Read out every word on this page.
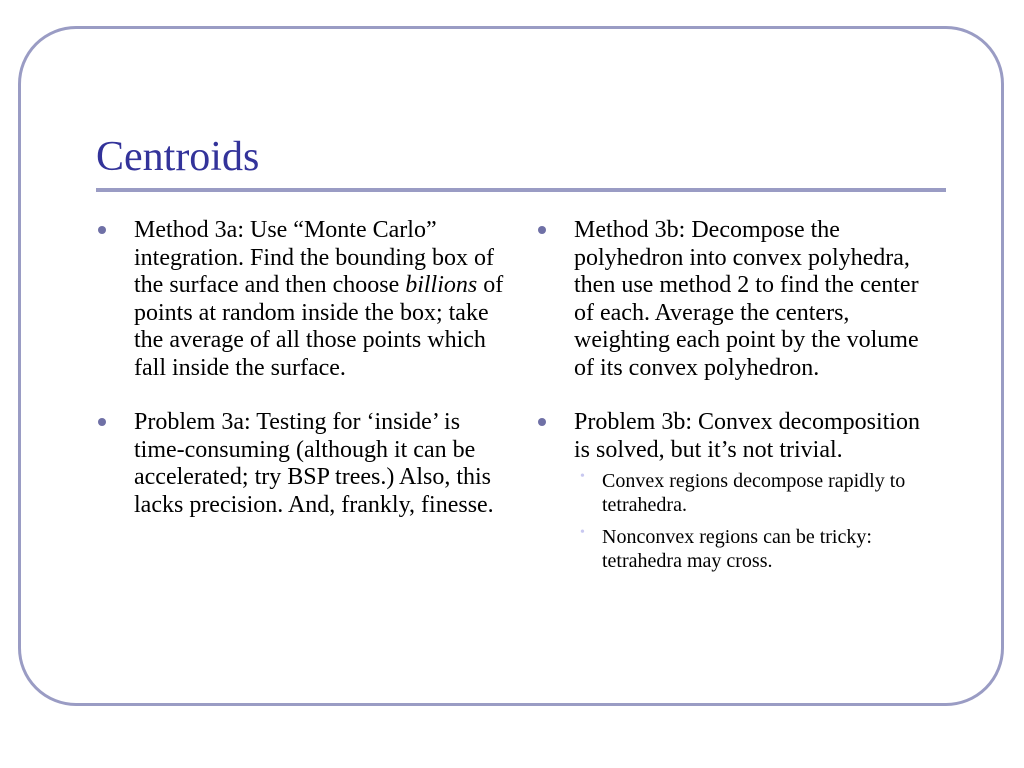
Centroids
Method 3a: Use “Monte Carlo” integration. Find the bounding box of the surface and then choose billions of points at random inside the box; take the average of all those points which fall inside the surface.
Problem 3a: Testing for ‘inside’ is time-consuming (although it can be accelerated; try BSP trees.) Also, this lacks precision. And, frankly, finesse.
Method 3b: Decompose the polyhedron into convex polyhedra, then use method 2 to find the center of each. Average the centers, weighting each point by the volume of its convex polyhedron.
Problem 3b: Convex decomposition is solved, but it’s not trivial.
• Convex regions decompose rapidly to tetrahedra.
• Nonconvex regions can be tricky: tetrahedra may cross.
